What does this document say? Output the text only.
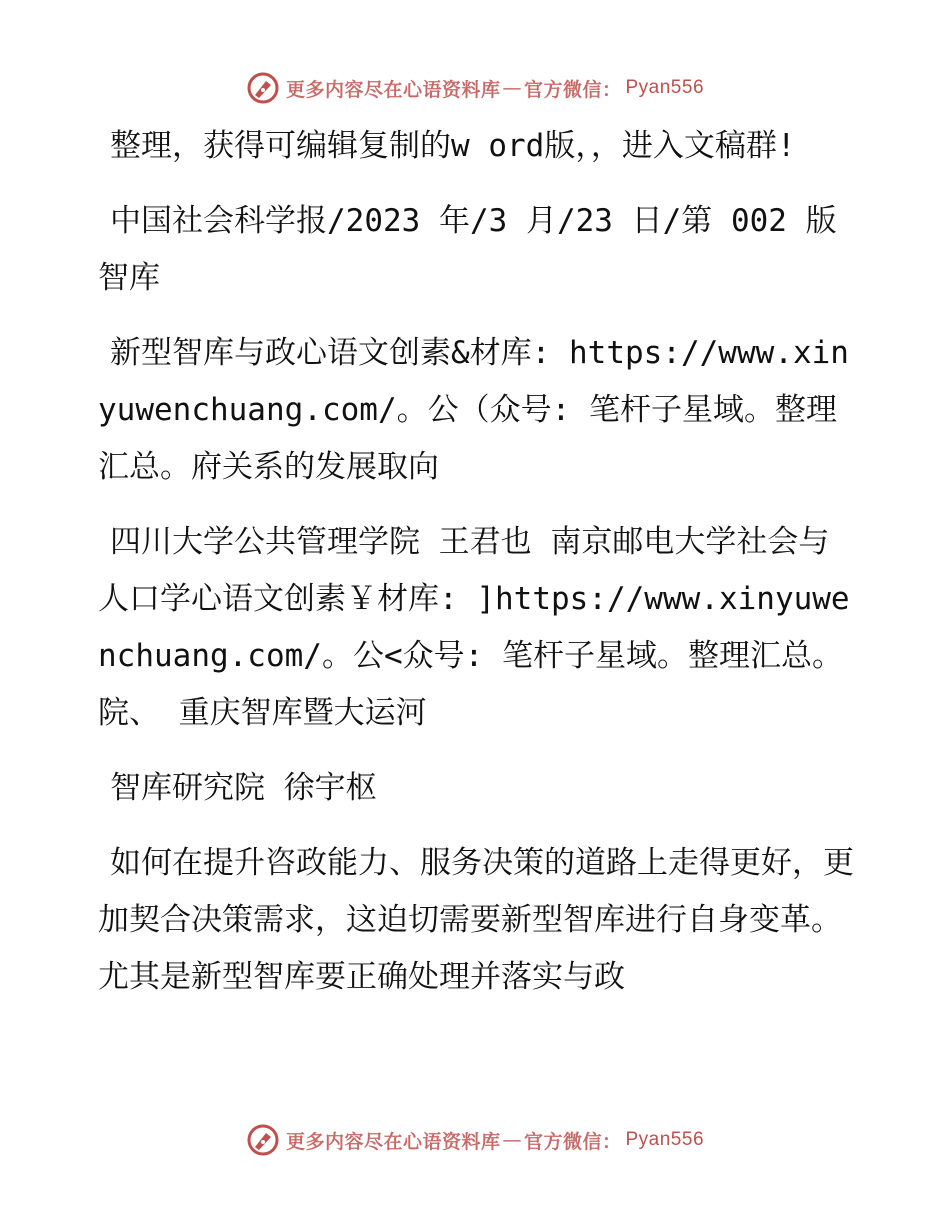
更多内容尽在心语资料库 — 官方微信： Pyan556

整理，获得可编辑复制的w ord版，，进入文稿群!

中国社会科学报/2023 年/3 月/23 日/第 002 版智库

新型智库与政心语文创素&材库: https://www.xinyuwenchuang.com/。公（众号: 笔杆子星域。整理汇总。府关系的发展取向

四川大学公共管理学院 王君也 南京邮电大学社会与人口学心语文创素￥材库: ]https://www.xinyuwenchuang.com/。公<众号: 笔杆子星域。整理汇总。院、 重庆智库暨大运河

智库研究院 徐宇枢

如何在提升咨政能力、服务决策的道路上走得更好，更加契合决策需求，这迫切需要新型智库进行自身变革。尤其是新型智库要正确处理并落实与政

更多内容尽在心语资料库 — 官方微信： Pyan556
